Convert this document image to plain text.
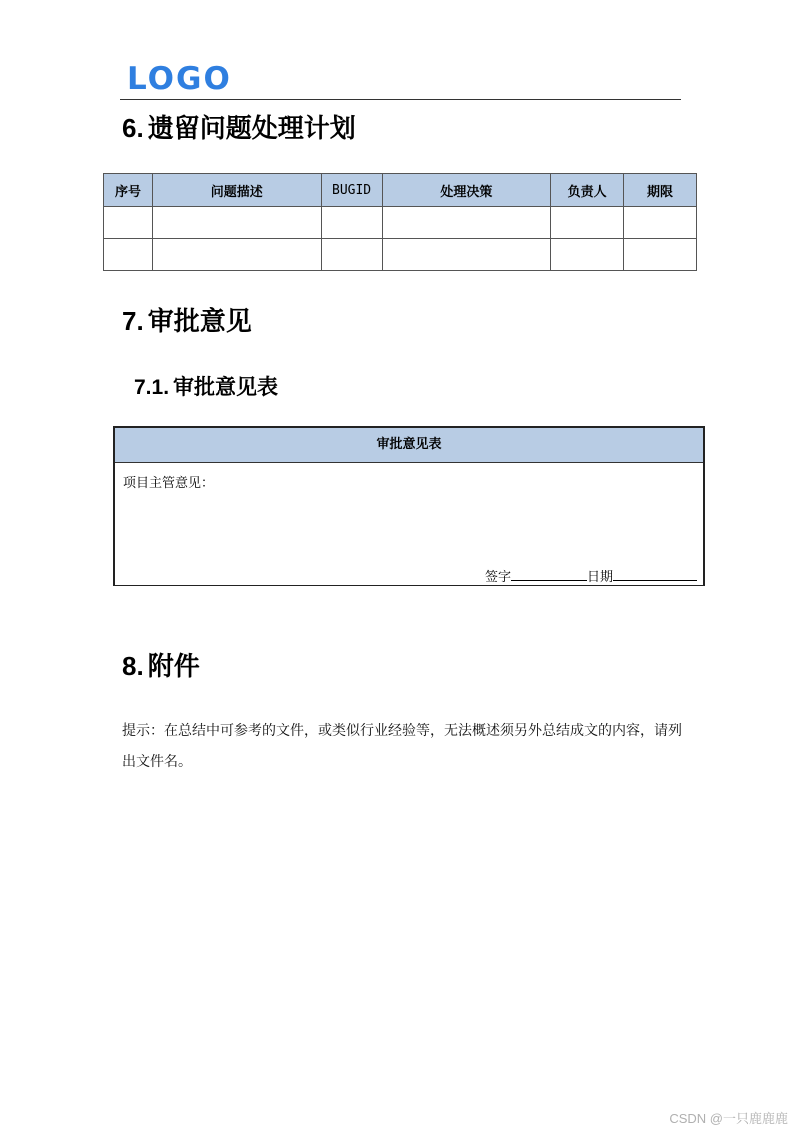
LOGO
6. 遗留问题处理计划
序号	问题描述	BUGID	处理决策	负责人	期限

7. 审批意见
7.1. 审批意见表
审批意见表
项目主管意见：
签字	日期
8. 附件
提示：在总结中可参考的文件，或类似行业经验等，无法概述须另外总结成文的内容，请列出文件名。
CSDN @一只鹿鹿鹿
